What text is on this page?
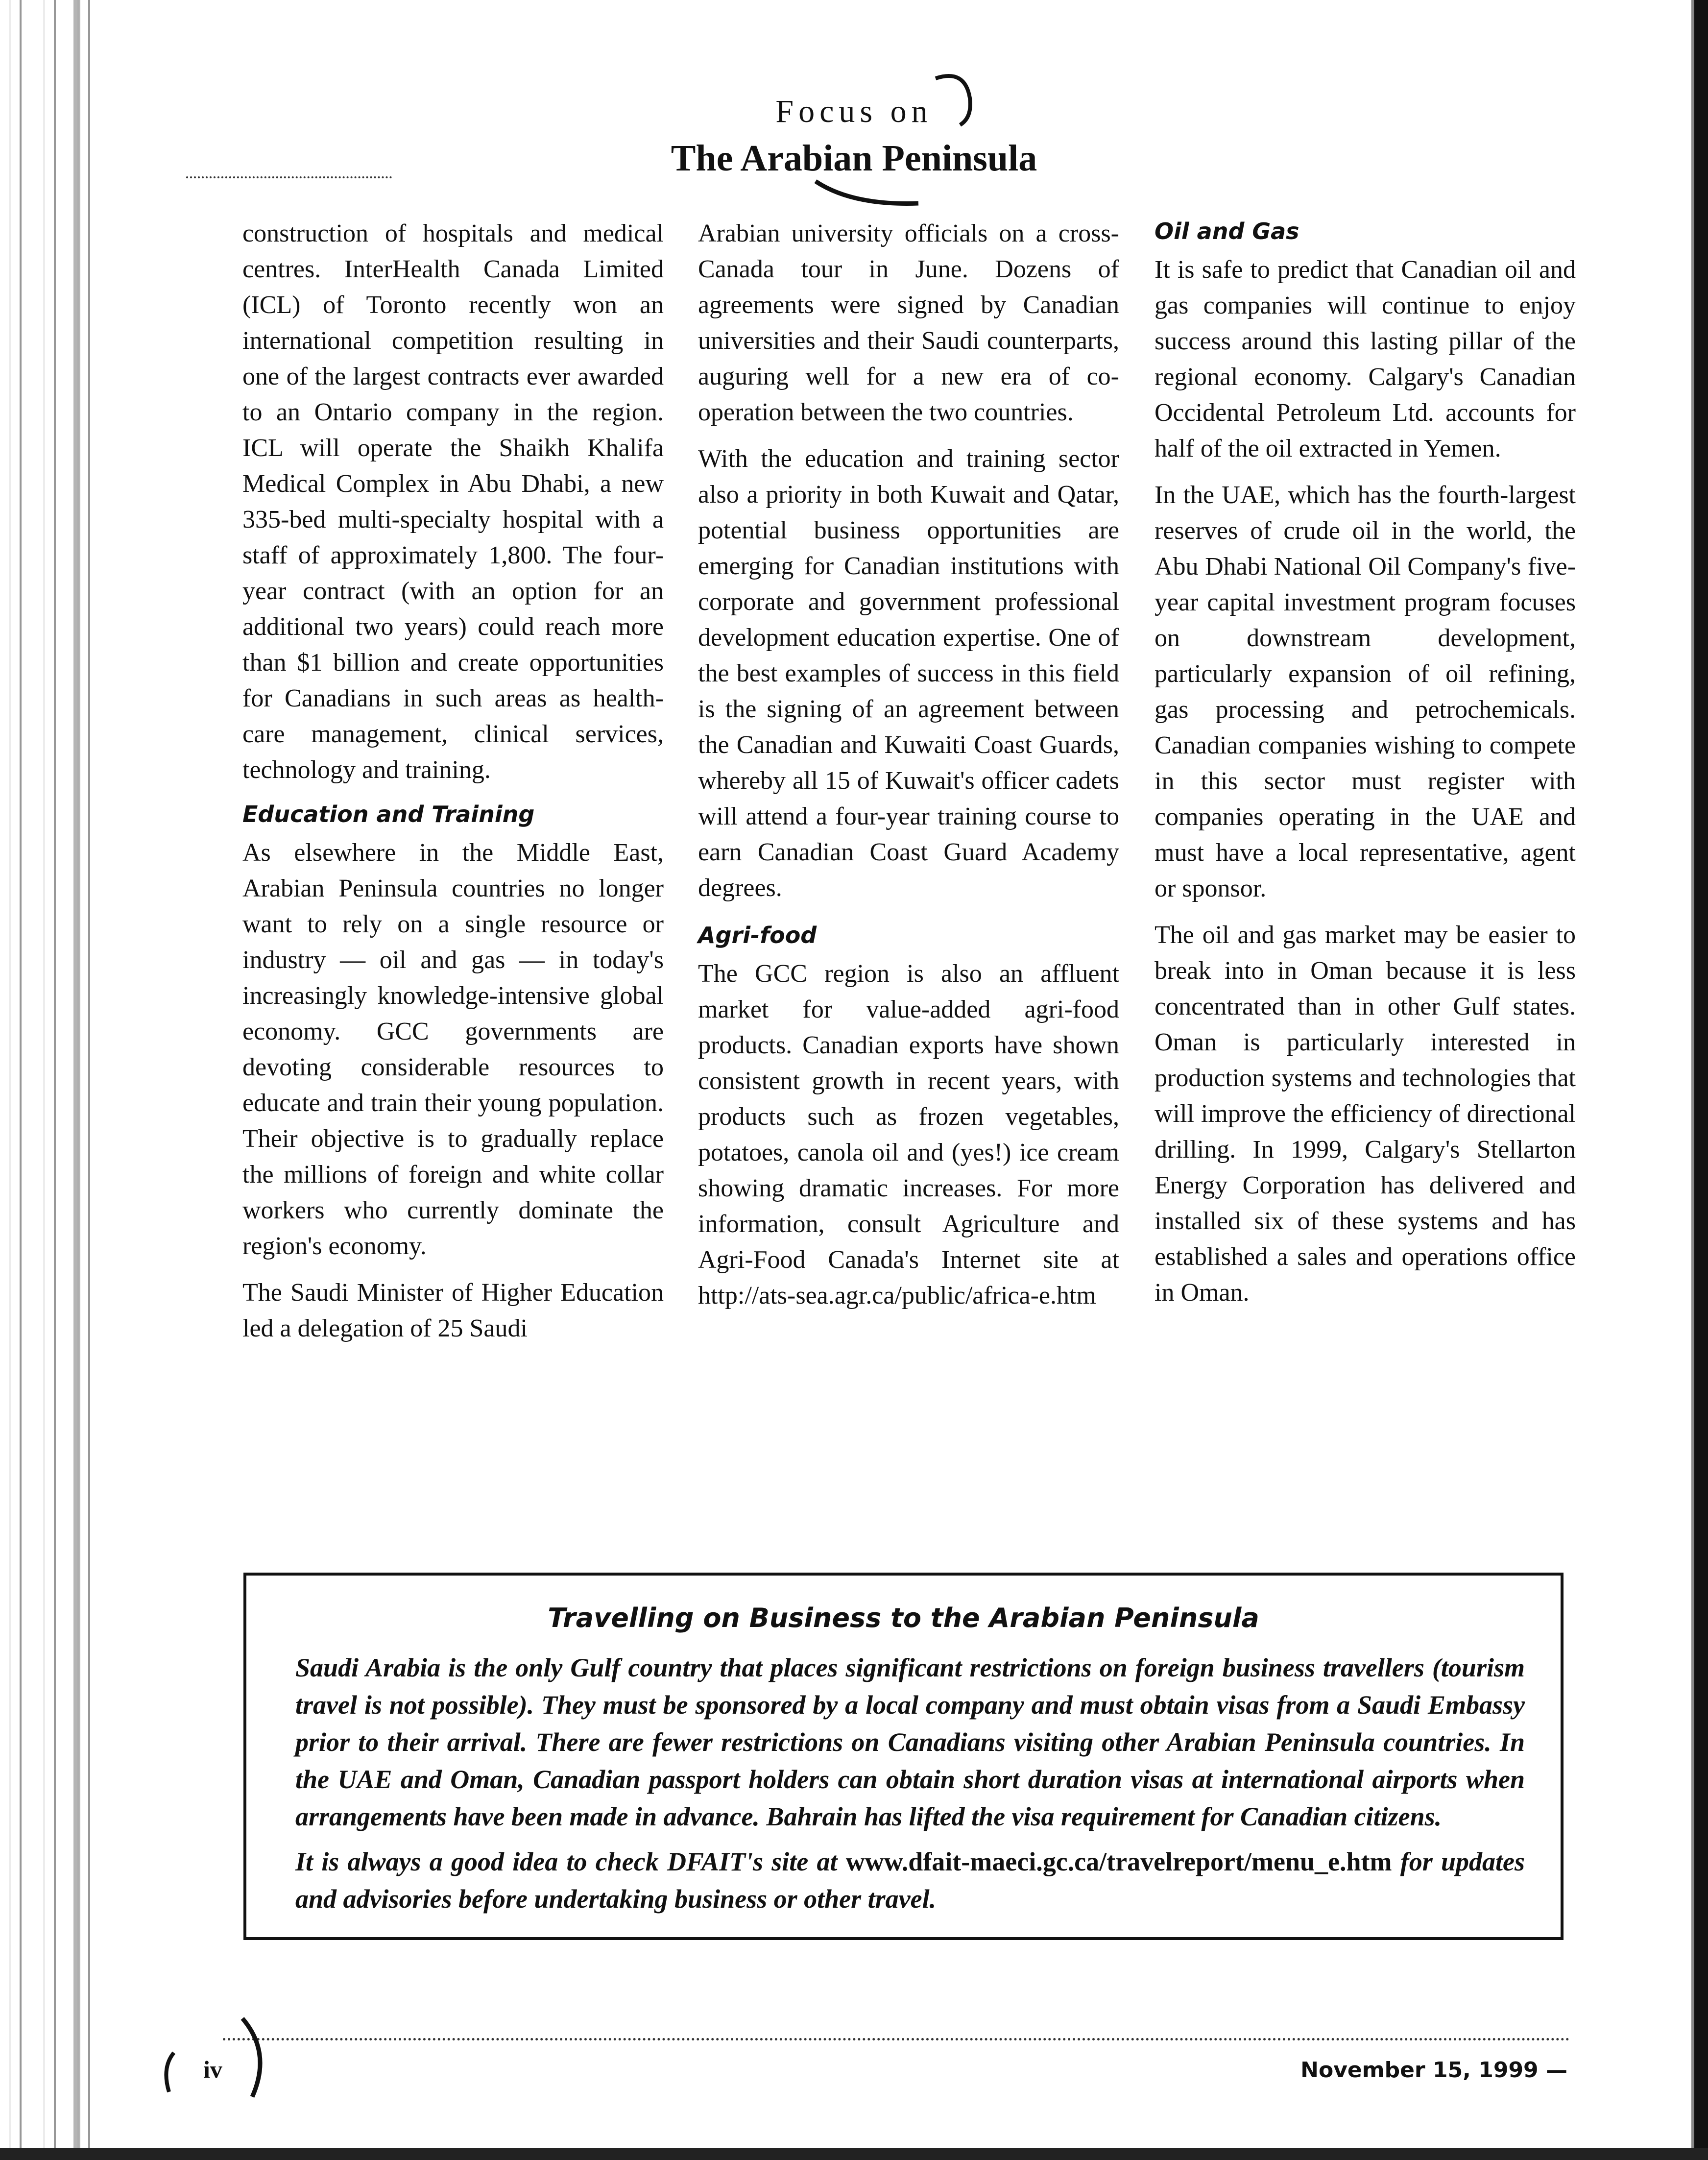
Focus on
The Arabian Peninsula

construction of hospitals and medical centres. InterHealth Canada Limited (ICL) of Toronto recently won an international competition resulting in one of the largest contracts ever awarded to an Ontario company in the region. ICL will operate the Shaikh Khalifa Medical Complex in Abu Dhabi, a new 335-bed multi-specialty hospital with a staff of approximately 1,800. The four-year contract (with an option for an additional two years) could reach more than $1 billion and create opportunities for Canadians in such areas as health-care management, clinical services, technology and training.

Education and Training

As elsewhere in the Middle East, Arabian Peninsula countries no longer want to rely on a single resource or industry — oil and gas — in today's increasingly knowledge-intensive global economy. GCC governments are devoting considerable resources to educate and train their young population. Their objective is to gradually replace the millions of foreign and white collar workers who currently dominate the region's economy.

The Saudi Minister of Higher Education led a delegation of 25 Saudi

Arabian university officials on a cross-Canada tour in June. Dozens of agreements were signed by Canadian universities and their Saudi counterparts, auguring well for a new era of co-operation between the two countries.

With the education and training sector also a priority in both Kuwait and Qatar, potential business opportunities are emerging for Canadian institutions with corporate and government professional development education expertise. One of the best examples of success in this field is the signing of an agreement between the Canadian and Kuwaiti Coast Guards, whereby all 15 of Kuwait's officer cadets will attend a four-year training course to earn Canadian Coast Guard Academy degrees.

Agri-food

The GCC region is also an affluent market for value-added agri-food products. Canadian exports have shown consistent growth in recent years, with products such as frozen vegetables, potatoes, canola oil and (yes!) ice cream showing dramatic increases. For more information, consult Agriculture and Agri-Food Canada's Internet site at http://ats-sea.agr.ca/public/africa-e.htm

Oil and Gas

It is safe to predict that Canadian oil and gas companies will continue to enjoy success around this lasting pillar of the regional economy. Calgary's Canadian Occidental Petroleum Ltd. accounts for half of the oil extracted in Yemen.

In the UAE, which has the fourth-largest reserves of crude oil in the world, the Abu Dhabi National Oil Company's five-year capital investment program focuses on downstream development, particularly expansion of oil refining, gas processing and petrochemicals. Canadian companies wishing to compete in this sector must register with companies operating in the UAE and must have a local representative, agent or sponsor.

The oil and gas market may be easier to break into in Oman because it is less concentrated than in other Gulf states. Oman is particularly interested in production systems and technologies that will improve the efficiency of directional drilling. In 1999, Calgary's Stellarton Energy Corporation has delivered and installed six of these systems and has established a sales and operations office in Oman.

Travelling on Business to the Arabian Peninsula

Saudi Arabia is the only Gulf country that places significant restrictions on foreign business travellers (tourism travel is not possible). They must be sponsored by a local company and must obtain visas from a Saudi Embassy prior to their arrival. There are fewer restrictions on Canadians visiting other Arabian Peninsula countries. In the UAE and Oman, Canadian passport holders can obtain short duration visas at international airports when arrangements have been made in advance. Bahrain has lifted the visa requirement for Canadian citizens.

It is always a good idea to check DFAIT's site at www.dfait-maeci.gc.ca/travelreport/menu_e.htm for updates and advisories before undertaking business or other travel.

iv	November 15, 1999 —
